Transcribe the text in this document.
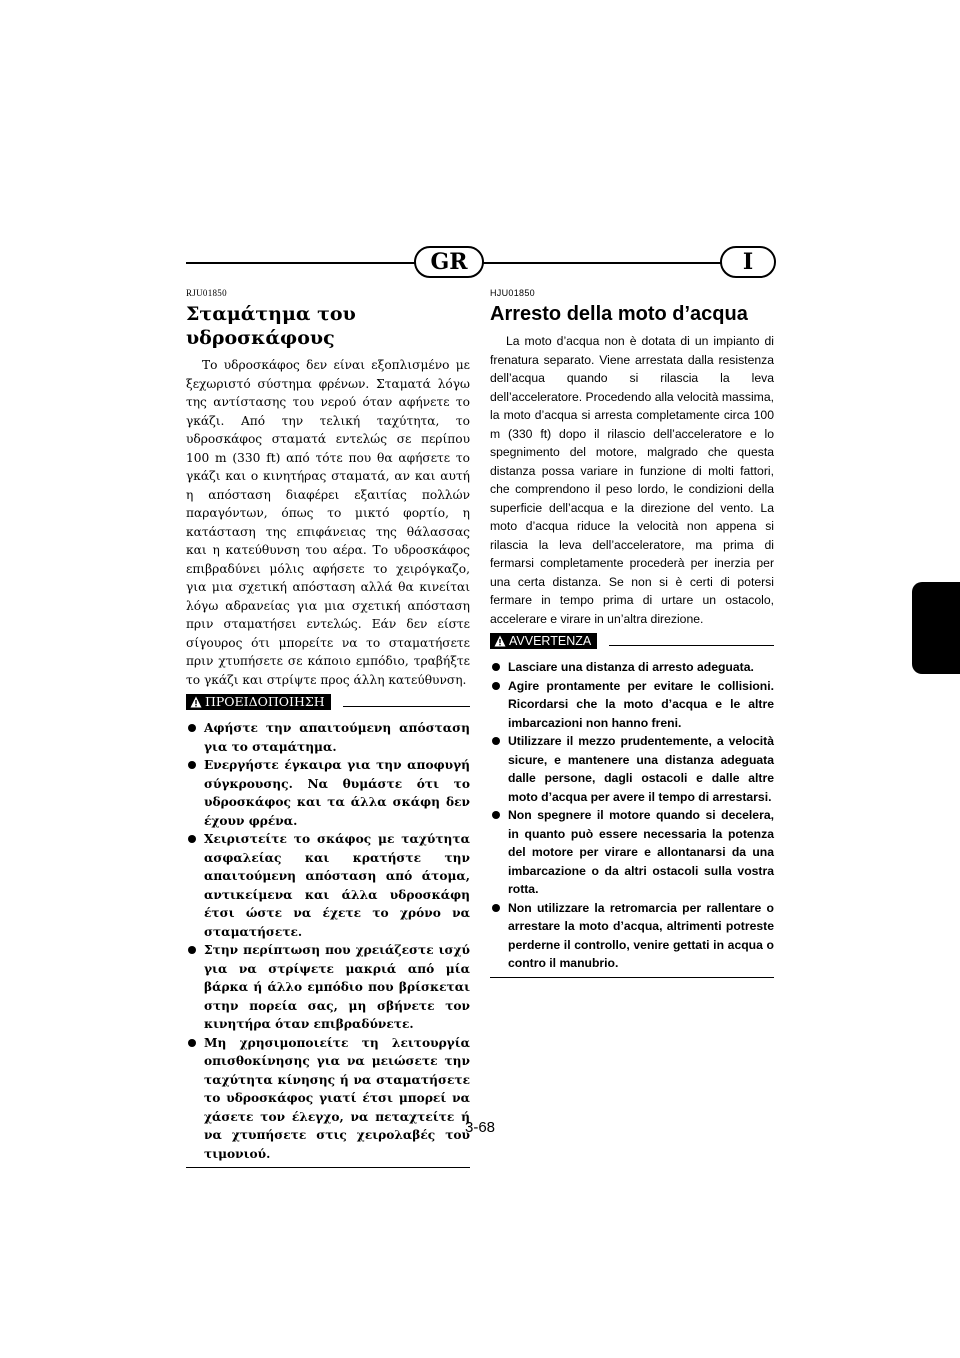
GR	I
RJU01850
Σταμάτημα του υδροσκάφους

Το υδροσκάφος δεν είναι εξοπλισμένο με ξεχωριστό σύστημα φρένων. Σταματά λόγω της αντίστασης του νερού όταν αφήνετε το γκάζι. Από την τελική ταχύτητα, το υδροσκάφος σταματά εντελώς σε περίπου 100 m (330 ft) από τότε που θα αφήσετε το γκάζι και ο κινητήρας σταματά, αν και αυτή η απόσταση διαφέρει εξαιτίας πολλών παραγόντων, όπως το μικτό φορτίο, η κατάσταση της επιφάνειας της θάλασσας και η κατεύθυνση του αέρα. Το υδροσκάφος επιβραδύνει μόλις αφήσετε το χειρόγκαζο, για μια σχετική απόσταση αλλά θα κινείται λόγω αδρανείας για μια σχετική απόσταση πριν σταματήσει εντελώς. Εάν δεν είστε σίγουρος ότι μπορείτε να το σταματήσετε πριν χτυπήσετε σε κάποιο εμπόδιο, τραβήξτε το γκάζι και στρίψτε προς άλλη κατεύθυνση.

ΠΡΟΕΙΔΟΠΟΙΗΣΗ
Αφήστε την απαιτούμενη απόσταση για το σταμάτημα.
Ενεργήστε έγκαιρα για την αποφυγή σύγκρουσης. Να θυμάστε ότι το υδροσκάφος και τα άλλα σκάφη δεν έχουν φρένα.
Χειριστείτε το σκάφος με ταχύτητα ασφαλείας και κρατήστε την απαιτούμενη απόσταση από άτομα, αντικείμενα και άλλα υδροσκάφη έτσι ώστε να έχετε το χρόνο να σταματήσετε.
Στην περίπτωση που χρειάζεστε ισχύ για να στρίψετε μακριά από μία βάρκα ή άλλο εμπόδιο που βρίσκεται στην πορεία σας, μη σβήνετε τον κινητήρα όταν επιβραδύνετε.
Μη χρησιμοποιείτε τη λειτουργία οπισθοκίνησης για να μειώσετε την ταχύτητα κίνησης ή να σταματήσετε το υδροσκάφος γιατί έτσι μπορεί να χάσετε τον έλεγχο, να πεταχτείτε ή να χτυπήσετε στις χειρολαβές του τιμονιού.
HJU01850
Arresto della moto d’acqua

La moto d’acqua non è dotata di un impianto di frenatura separato. Viene arrestata dalla resistenza dell’acqua quando si rilascia la leva dell’acceleratore. Procedendo alla velocità massima, la moto d’acqua si arresta completamente circa 100 m (330 ft) dopo il rilascio dell’acceleratore e lo spegnimento del motore, malgrado che questa distanza possa variare in funzione di molti fattori, che comprendono il peso lordo, le condizioni della superficie dell’acqua e la direzione del vento. La moto d’acqua riduce la velocità non appena si rilascia la leva dell’acceleratore, ma prima di fermarsi completamente procederà per inerzia per una certa distanza. Se non si è certi di potersi fermare in tempo prima di urtare un ostacolo, accelerare e virare in un’altra direzione.

AVVERTENZA
Lasciare una distanza di arresto adeguata.
Agire prontamente per evitare le collisioni. Ricordarsi che la moto d’acqua e le altre imbarcazioni non hanno freni.
Utilizzare il mezzo prudentemente, a velocità sicure, e mantenere una distanza adeguata dalle persone, dagli ostacoli e dalle altre moto d’acqua per avere il tempo di arrestarsi.
Non spegnere il motore quando si decelera, in quanto può essere necessaria la potenza del motore per virare e allontanarsi da una imbarcazione o da altri ostacoli sulla vostra rotta.
Non utilizzare la retromarcia per rallentare o arrestare la moto d’acqua, altrimenti potreste perderne il controllo, venire gettati in acqua o contro il manubrio.
3-68
